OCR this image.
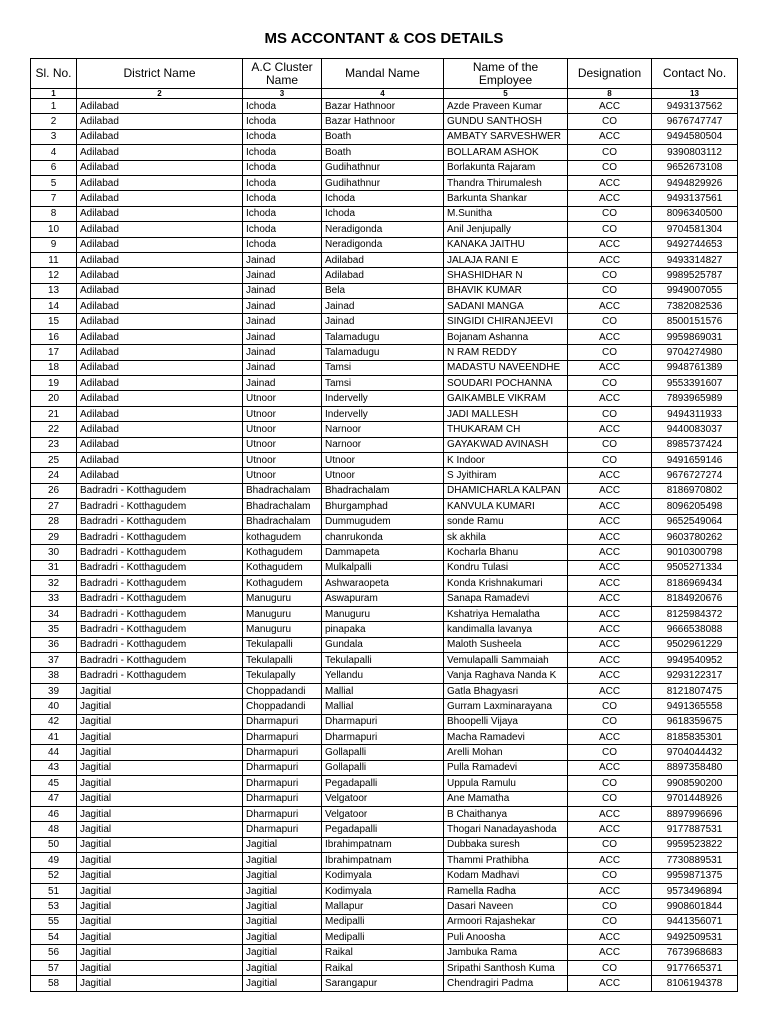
MS ACCONTANT & COS DETAILS
Sl. No.	District Name	A.C Cluster Name	Mandal Name	Name of the Employee	Designation	Contact No.
1	2	3	4	5	8	13
1	Adilabad	Ichoda	Bazar Hathnoor	Azde Praveen Kumar	ACC	9493137562
2	Adilabad	Ichoda	Bazar Hathnoor	GUNDU SANTHOSH	CO	9676747747
3	Adilabad	Ichoda	Boath	AMBATY SARVESHWER	ACC	9494580504
4	Adilabad	Ichoda	Boath	BOLLARAM ASHOK	CO	9390803112
6	Adilabad	Ichoda	Gudihathnur	Borlakunta Rajaram	CO	9652673108
5	Adilabad	Ichoda	Gudihathnur	Thandra Thirumalesh	ACC	9494829926
7	Adilabad	Ichoda	Ichoda	Barkunta Shankar	ACC	9493137561
8	Adilabad	Ichoda	Ichoda	M.Sunitha	CO	8096340500
10	Adilabad	Ichoda	Neradigonda	Anil Jenjupally	CO	9704581304
9	Adilabad	Ichoda	Neradigonda	KANAKA JAITHU	ACC	9492744653
11	Adilabad	Jainad	Adilabad	JALAJA RANI E	ACC	9493314827
12	Adilabad	Jainad	Adilabad	SHASHIDHAR N	CO	9989525787
13	Adilabad	Jainad	Bela	BHAVIK KUMAR	CO	9949007055
14	Adilabad	Jainad	Jainad	SADANI MANGA	ACC	7382082536
15	Adilabad	Jainad	Jainad	SINGIDI CHIRANJEEVI	CO	8500151576
16	Adilabad	Jainad	Talamadugu	Bojanam Ashanna	ACC	9959869031
17	Adilabad	Jainad	Talamadugu	N RAM REDDY	CO	9704274980
18	Adilabad	Jainad	Tamsi	MADASTU NAVEENDHE	ACC	9948761389
19	Adilabad	Jainad	Tamsi	SOUDARI POCHANNA	CO	9553391607
20	Adilabad	Utnoor	Indervelly	GAIKAMBLE VIKRAM	ACC	7893965989
21	Adilabad	Utnoor	Indervelly	JADI MALLESH	CO	9494311933
22	Adilabad	Utnoor	Narnoor	THUKARAM CH	ACC	9440083037
23	Adilabad	Utnoor	Narnoor	GAYAKWAD AVINASH	CO	8985737424
25	Adilabad	Utnoor	Utnoor	K Indoor	CO	9491659146
24	Adilabad	Utnoor	Utnoor	S Jyithiram	ACC	9676727274
26	Badradri - Kotthagudem	Bhadrachalam	Bhadrachalam	DHAMICHARLA KALPAN	ACC	8186970802
27	Badradri - Kotthagudem	Bhadrachalam	Bhurgamphad	KANVULA KUMARI	ACC	8096205498
28	Badradri - Kotthagudem	Bhadrachalam	Dummugudem	sonde Ramu	ACC	9652549064
29	Badradri - Kotthagudem	kothagudem	chanrukonda	sk akhila	ACC	9603780262
30	Badradri - Kotthagudem	Kothagudem	Dammapeta	Kocharla Bhanu	ACC	9010300798
31	Badradri - Kotthagudem	Kothagudem	Mulkalpalli	Kondru Tulasi	ACC	9505271334
32	Badradri - Kotthagudem	Kothagudem	Ashwaraopeta	Konda Krishnakumari	ACC	8186969434
33	Badradri - Kotthagudem	Manuguru	Aswapuram	Sanapa Ramadevi	ACC	8184920676
34	Badradri - Kotthagudem	Manuguru	Manuguru	Kshatriya Hemalatha	ACC	8125984372
35	Badradri - Kotthagudem	Manuguru	pinapaka	kandimalla lavanya	ACC	9666538088
36	Badradri - Kotthagudem	Tekulapalli	Gundala	Maloth Susheela	ACC	9502961229
37	Badradri - Kotthagudem	Tekulapalli	Tekulapalli	Vemulapalli Sammaiah	ACC	9949540952
38	Badradri - Kotthagudem	Tekulapally	Yellandu	Vanja Raghava Nanda K	ACC	9293122317
39	Jagitial	Choppadandi	Mallial	Gatla Bhagyasri	ACC	8121807475
40	Jagitial	Choppadandi	Mallial	Gurram Laxminarayana	CO	9491365558
42	Jagitial	Dharmapuri	Dharmapuri	Bhoopelli Vijaya	CO	9618359675
41	Jagitial	Dharmapuri	Dharmapuri	Macha Ramadevi	ACC	8185835301
44	Jagitial	Dharmapuri	Gollapalli	Arelli Mohan	CO	9704044432
43	Jagitial	Dharmapuri	Gollapalli	Pulla Ramadevi	ACC	8897358480
45	Jagitial	Dharmapuri	Pegadapalli	Uppula Ramulu	CO	9908590200
47	Jagitial	Dharmapuri	Velgatoor	Ane Mamatha	CO	9701448926
46	Jagitial	Dharmapuri	Velgatoor	B Chaithanya	ACC	8897996696
48	Jagitial	Dharmapuri	Pegadapalli	Thogari Nanadayashoda	ACC	9177887531
50	Jagitial	Jagitial	Ibrahimpatnam	Dubbaka suresh	CO	9959523822
49	Jagitial	Jagitial	Ibrahimpatnam	Thammi Prathibha	ACC	7730889531
52	Jagitial	Jagitial	Kodimyala	Kodam Madhavi	CO	9959871375
51	Jagitial	Jagitial	Kodimyala	Ramella Radha	ACC	9573496894
53	Jagitial	Jagitial	Mallapur	Dasari Naveen	CO	9908601844
55	Jagitial	Jagitial	Medipalli	Armoori Rajashekar	CO	9441356071
54	Jagitial	Jagitial	Medipalli	Puli Anoosha	ACC	9492509531
56	Jagitial	Jagitial	Raikal	Jambuka Rama	ACC	7673968683
57	Jagitial	Jagitial	Raikal	Sripathi Santhosh Kuma	CO	9177665371
58	Jagitial	Jagitial	Sarangapur	Chendragiri Padma	ACC	8106194378
